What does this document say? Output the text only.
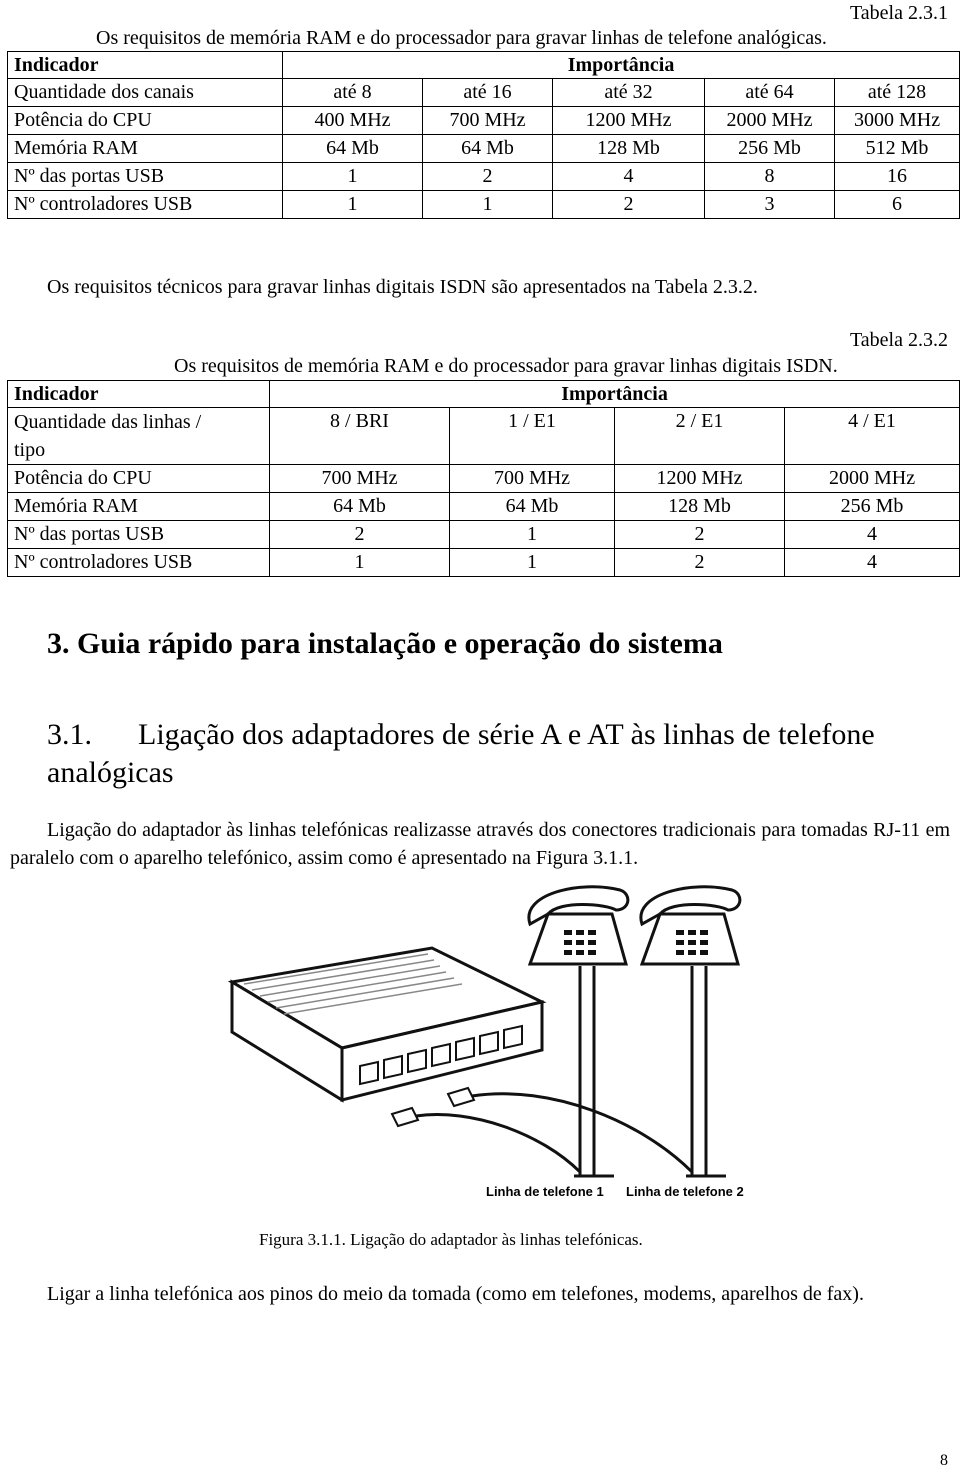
Tabela 2.3.1
Os requisitos de memória RAM e do processador para gravar linhas de telefone analógicas.
Indicador	Importância				
Quantidade dos canais	até 8	até 16	até 32	até 64	até 128
Potência do CPU	400 MHz	700 MHz	1200 MHz	2000 MHz	3000 MHz
Memória RAM	64 Mb	64 Mb	128 Mb	256 Mb	512 Mb
Nº das portas USB	1	2	4	8	16
Nº controladores USB	1	1	2	3	6
Os requisitos técnicos para gravar linhas digitais ISDN são apresentados na Tabela 2.3.2.
Tabela 2.3.2
Os requisitos de memória RAM e do processador para gravar linhas digitais ISDN.
Indicador	Importância			
Quantidade das linhas /
tipo	8 / BRI	1 / E1	2 / E1	4 / E1
Potência do CPU	700 MHz	700 MHz	1200 MHz	2000 MHz
Memória RAM	64 Mb	64 Mb	128 Mb	256 Mb
Nº das portas USB	2	1	2	4
Nº controladores USB	1	1	2	4
3. Guia rápido para instalação e operação do sistema
3.1. Ligação dos adaptadores de série A e AT às linhas de telefone
analógicas
Ligação do adaptador às linhas telefónicas realizasse através dos conectores tradicionais para tomadas RJ-11 em paralelo com o aparelho telefónico, assim como é apresentado na Figura 3.1.1.
Linha de telefone 1 Linha de telefone 2
Figura 3.1.1. Ligação do adaptador às linhas telefónicas.
Ligar a linha telefónica aos pinos do meio da tomada (como em telefones, modems, aparelhos de fax).
8
